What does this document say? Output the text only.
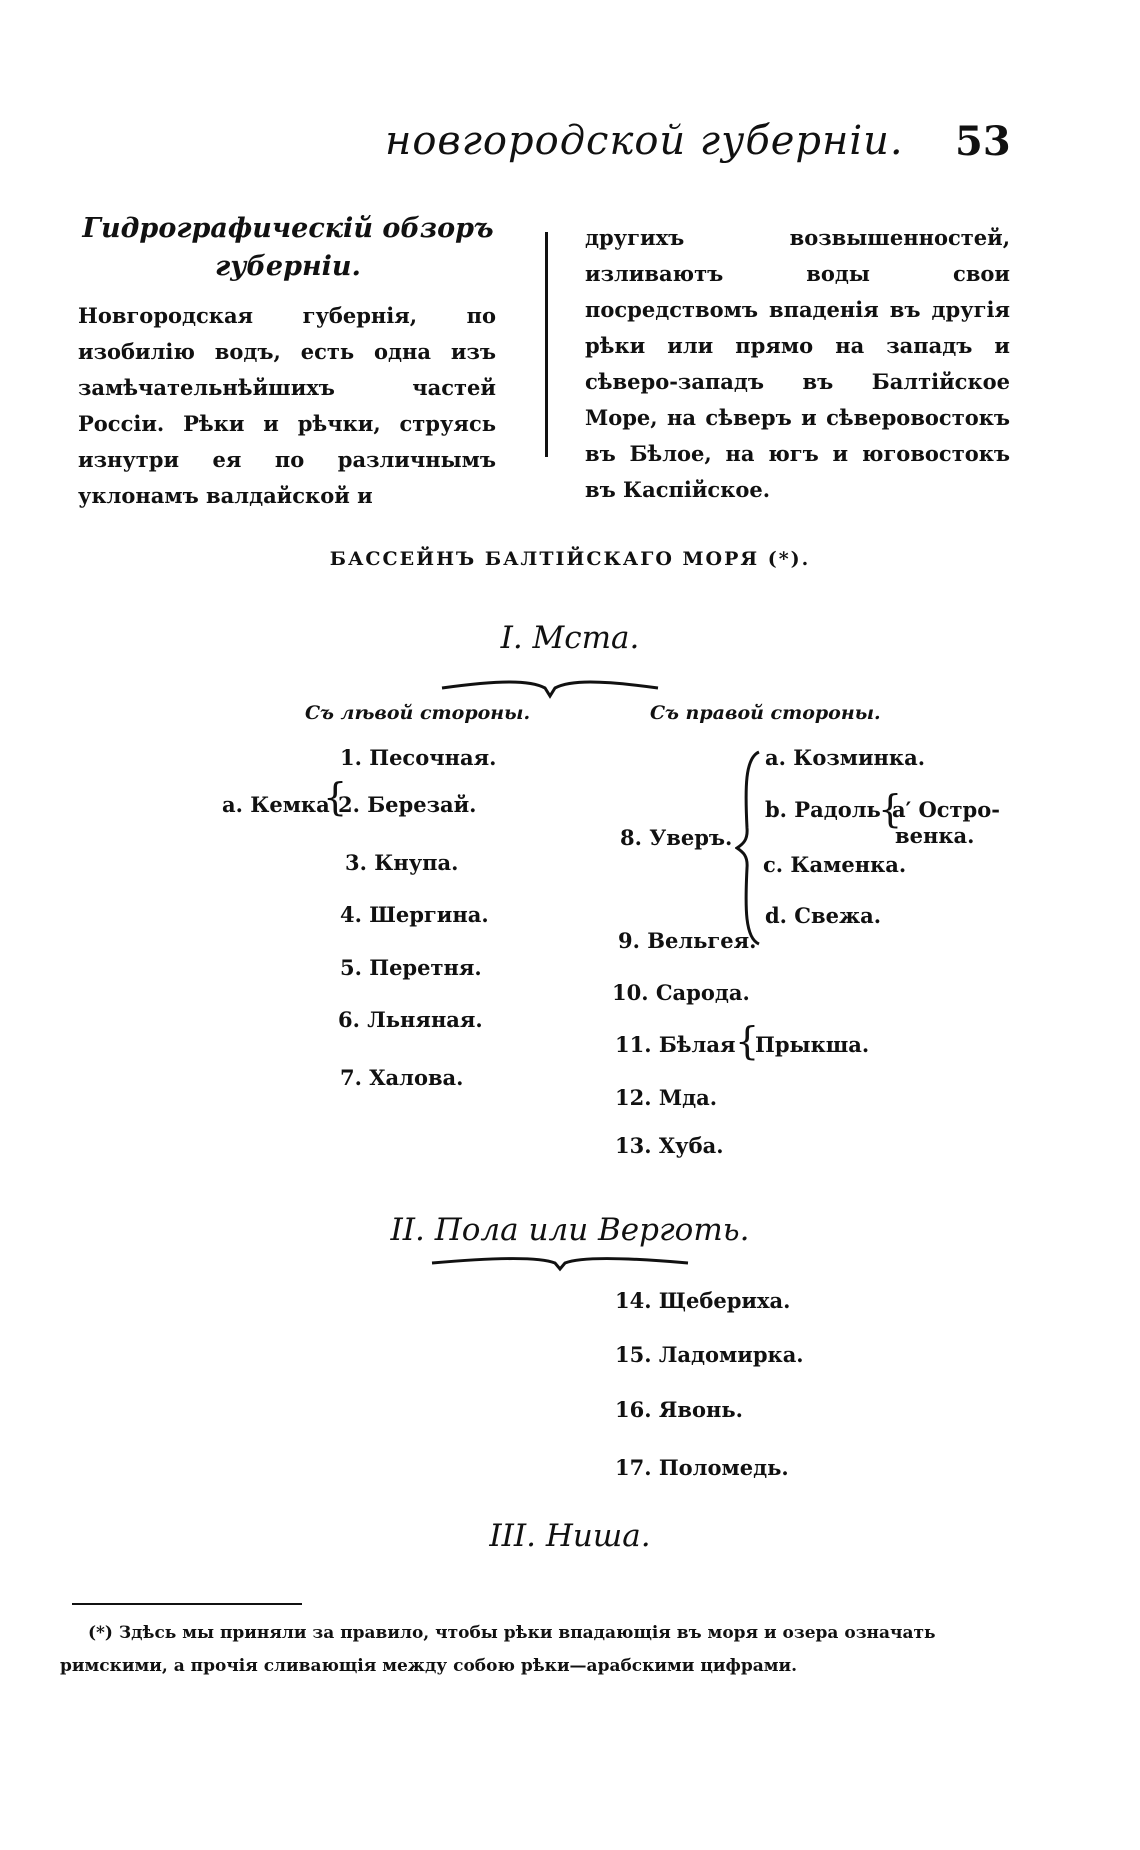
новгородской губерніи. 53
Гидрографическій обзоръ губерніи.
Новгородская губернія, по изобилію водъ, есть одна изъ замѣчательнѣйшихъ частей Россіи. Рѣки и рѣчки, струясь изнутри ея по различнымъ уклонамъ валдайской и
другихъ возвышенностей, изливаютъ воды свои посредствомъ впаденія въ другія рѣки или прямо на западъ и сѣверо-западъ въ Балтійское Море, на сѣверъ и сѣверовостокъ въ Бѣлое, на югъ и юговостокъ въ Каспійское.
БАССЕЙНЪ БАЛТІЙСКАГО МОРЯ (*).
I. Мста.
Съ лѣвой стороны.	Съ правой стороны.
1. Песочная.
a. Кемка
{
2. Березай.
3. Кнупа.
4. Шергина.
5. Перетня.
6. Льняная.
7. Халова.
8. Уверъ.
a. Козминка.
b. Радоль
{
a′ Остро-
венка.
c. Каменка.
d. Свежа.
9. Вельгея.
10. Сарода.
11. Бѣлая {
Прыкша.
12. Мда.
13. Хуба.
II. Пола или Верготь.
14. Щебериха.
15. Ладомирка.
16. Явонь.
17. Поломедь.
III. Ниша.
(*) Здѣсь мы приняли за правило, чтобы рѣки впадающія въ моря и озера означать
римскими, а прочія сливающія между собою рѣки—арабскими цифрами.
